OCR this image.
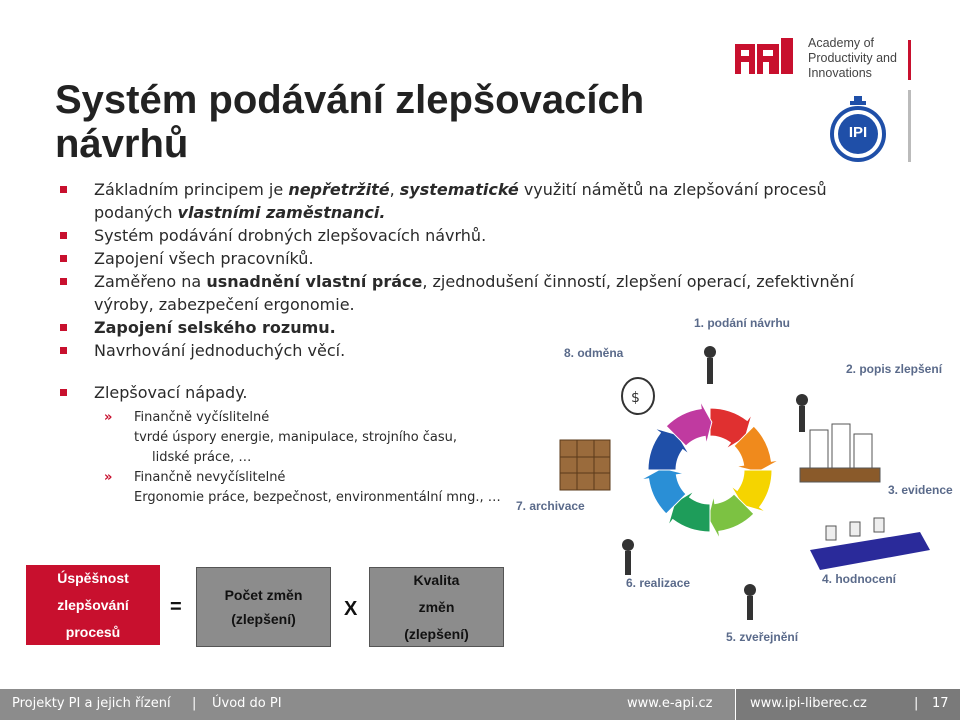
Systém podávání zlepšovacích návrhů
Academy of
Productivity and
Innovations
IPI
Základním principem je nepřetržité, systematické využití námětů na zlepšování procesů podaných vlastními zaměstnanci.
Systém podávání drobných zlepšovacích návrhů.
Zapojení všech pracovníků.
Zaměřeno na usnadnění vlastní práce, zjednodušení činností, zlepšení operací, zefektivnění výroby, zabezpečení ergonomie.
Zapojení selského rozumu.
Navrhování jednoduchých věcí.
Zlepšovací nápady.
» Finančně vyčíslitelné
tvrdé úspory energie, manipulace, strojního času,
lidské práce, …
» Finančně nevyčíslitelné
Ergonomie práce, bezpečnost, environmentální mng., …
$
1. podání návrhu
2. popis zlepšení
3. evidence
4. hodnocení
5. zveřejnění
6. realizace
7. archivace
8. odměna
Úspěšnost
zlepšování
procesů
=
Počet změn
(zlepšení) X
Kvalita
změn
(zlepšení)
Projekty PI a jejich řízení | Úvod do PI	www.e-api.cz	www.ipi-liberec.cz	| 17
